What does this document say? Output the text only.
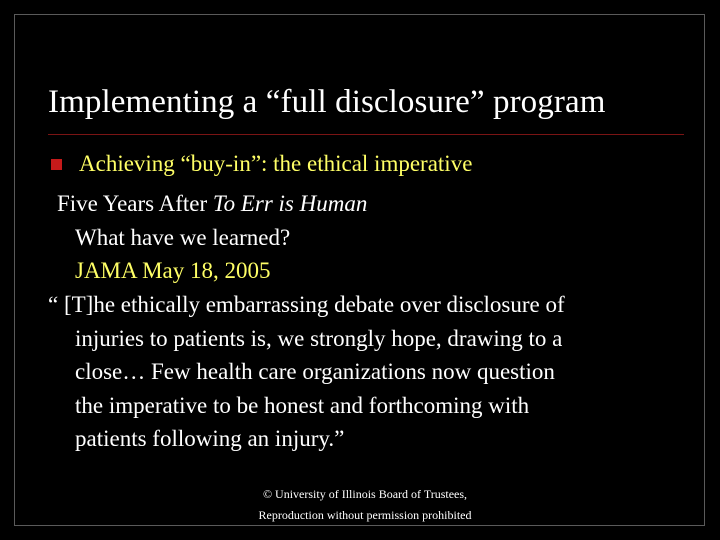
Implementing a “full disclosure” program
Achieving “buy-in”: the ethical imperative
Five Years After To Err is Human
What have we learned?
JAMA May 18, 2005
“ [T]he ethically embarrassing debate over disclosure of
injuries to patients is, we strongly hope, drawing to a
close… Few health care organizations now question
the imperative to be honest and forthcoming with
patients following an injury.”
© University of Illinois Board of Trustees,
Reproduction without permission prohibited
